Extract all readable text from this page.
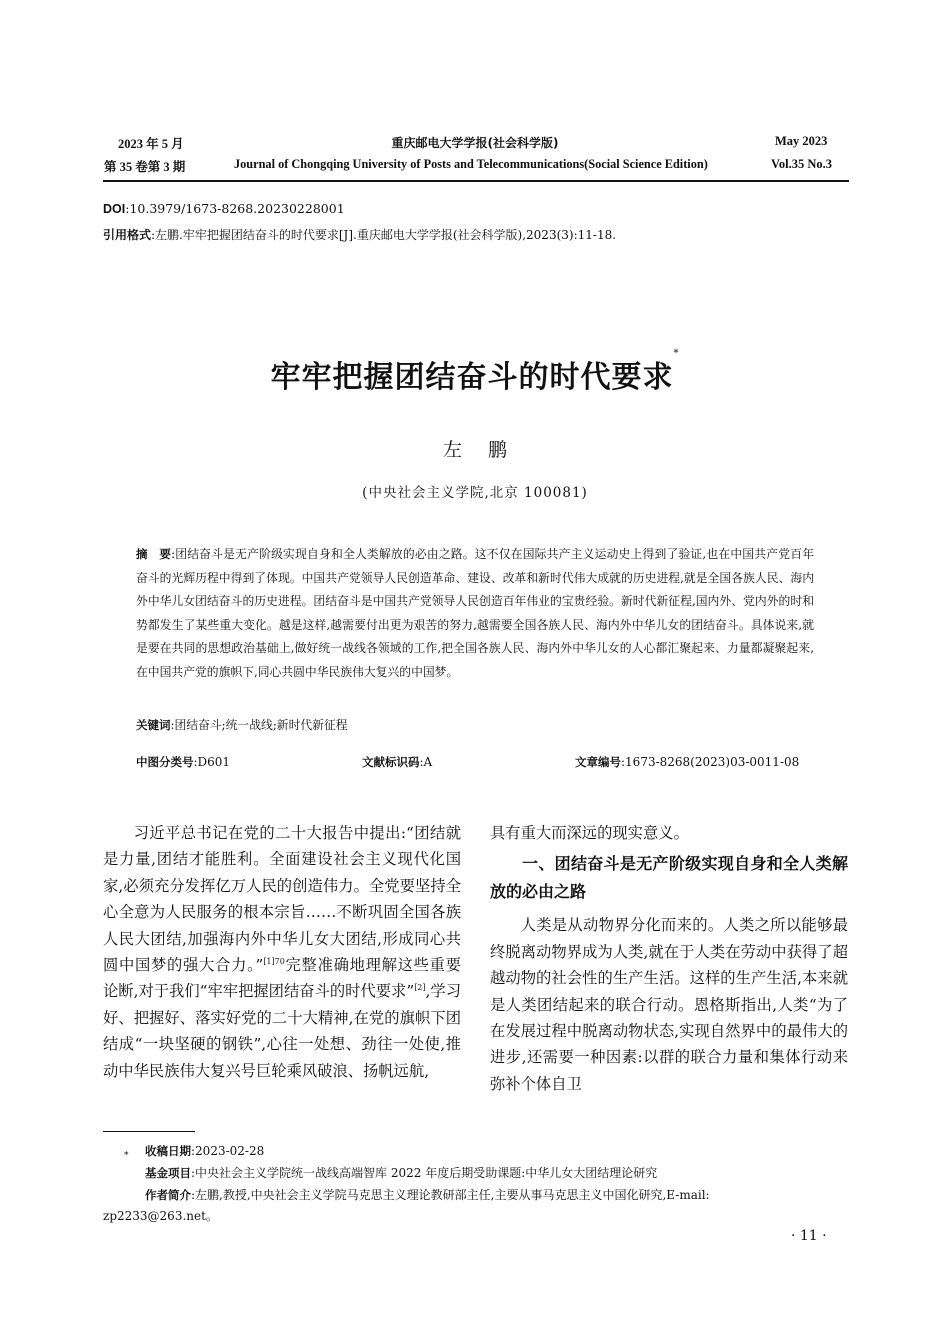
2023 年 5 月	重庆邮电大学学报(社会科学版)	May 2023
第 35 卷第 3 期	Journal of Chongqing University of Posts and Telecommunications(Social Science Edition)	Vol.35 No.3
DOI:10.3979/1673-8268.20230228001
引用格式:左鹏.牢牢把握团结奋斗的时代要求[J].重庆邮电大学学报(社会科学版),2023(3):11-18.
牢牢把握团结奋斗的时代要求*
左鹏
(中央社会主义学院,北京 100081)
摘　要:团结奋斗是无产阶级实现自身和全人类解放的必由之路。这不仅在国际共产主义运动史上得到了验证,也在中国共产党百年奋斗的光辉历程中得到了体现。中国共产党领导人民创造革命、建设、改革和新时代伟大成就的历史进程,就是全国各族人民、海内外中华儿女团结奋斗的历史进程。团结奋斗是中国共产党领导人民创造百年伟业的宝贵经验。新时代新征程,国内外、党内外的时和势都发生了某些重大变化。越是这样,越需要付出更为艰苦的努力,越需要全国各族人民、海内外中华儿女的团结奋斗。具体说来,就是要在共同的思想政治基础上,做好统一战线各领域的工作,把全国各族人民、海内外中华儿女的人心都汇聚起来、力量都凝聚起来,在中国共产党的旗帜下,同心共圆中华民族伟大复兴的中国梦。
关键词:团结奋斗;统一战线;新时代新征程
中图分类号:D601	文献标识码:A	文章编号:1673-8268(2023)03-0011-08

习近平总书记在党的二十大报告中提出:“团结就是力量,团结才能胜利。全面建设社会主义现代化国家,必须充分发挥亿万人民的创造伟力。全党要坚持全心全意为人民服务的根本宗旨……不断巩固全国各族人民大团结,加强海内外中华儿女大团结,形成同心共圆中国梦的强大合力。”$^{[1]70}$完整准确地理解这些重要论断,对于我们“牢牢把握团结奋斗的时代要求”[2],学习好、把握好、落实好党的二十大精神,在党的旗帜下团结成“一块坚硬的钢铁”,心往一处想、劲往一处使,推动中华民族伟大复兴号巨轮乘风破浪、扬帆远航,

具有重大而深远的现实意义。

一、团结奋斗是无产阶级实现自身和全人类解放的必由之路

人类是从动物界分化而来的。人类之所以能够最终脱离动物界成为人类,就在于人类在劳动中获得了超越动物的社会性的生产生活。这样的生产生活,本来就是人类团结起来的联合行动。恩格斯指出,人类“为了在发展过程中脱离动物状态,实现自然界中的最伟大的进步,还需要一种因素:以群的联合力量和集体行动来弥补个体自卫

* 收稿日期:2023-02-28
基金项目:中央社会主义学院统一战线高端智库 2022 年度后期受助课题:中华儿女大团结理论研究
作者简介:左鹏,教授,中央社会主义学院马克思主义理论教研部主任,主要从事马克思主义中国化研究,E-mail:
zp2233@263.net。
· 11 ·
